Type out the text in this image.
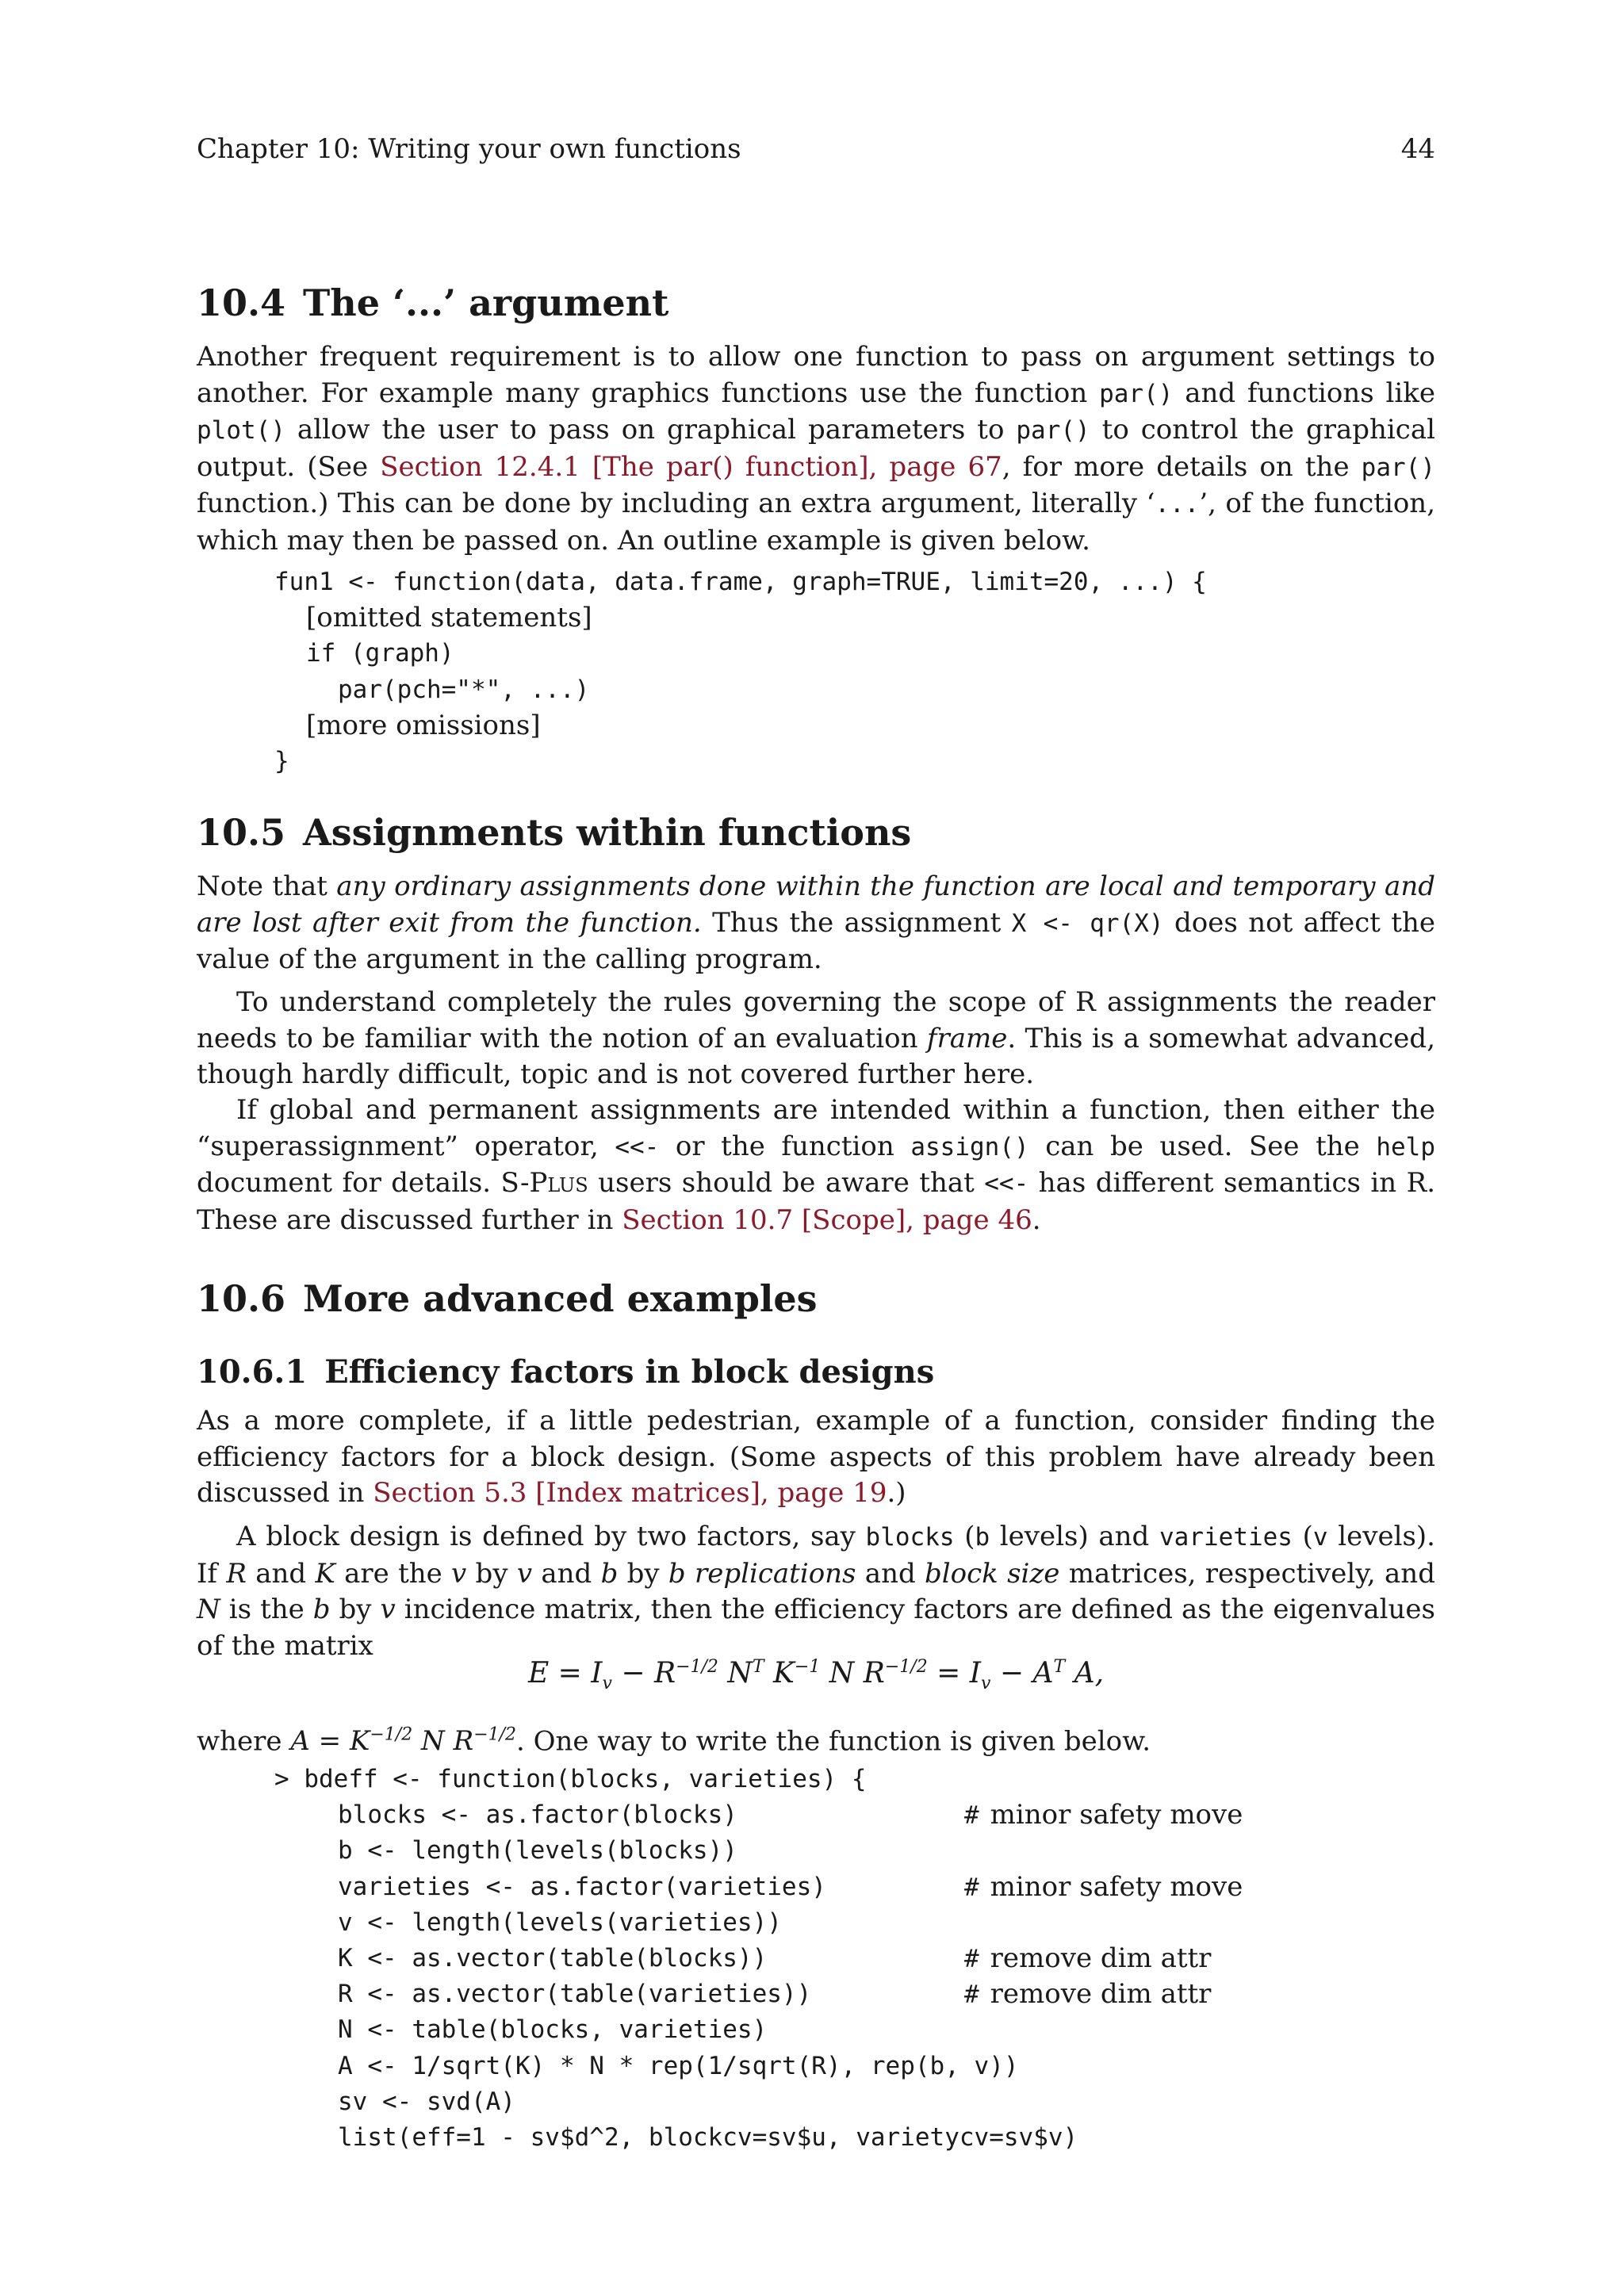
Chapter 10: Writing your own functions	44
10.4 The ‘...’ argument

Another frequent requirement is to allow one function to pass on argument settings to another. For example many graphics functions use the function par() and functions like plot() allow the user to pass on graphical parameters to par() to control the graphical output. (See Section 12.4.1 [The par() function], page 67, for more details on the par() function.) This can be done by including an extra argument, literally ‘...’, of the function, which may then be passed on. An outline example is given below.

fun1 <- function(data, data.frame, graph=TRUE, limit=20, ...) {
[omitted statements]
if (graph)
par(pch="*", ...)
[more omissions]
}
10.5 Assignments within functions

Note that any ordinary assignments done within the function are local and temporary and are lost after exit from the function. Thus the assignment X <- qr(X) does not affect the value of the argument in the calling program.

To understand completely the rules governing the scope of R assignments the reader needs to be familiar with the notion of an evaluation frame. This is a somewhat advanced, though hardly difficult, topic and is not covered further here.

If global and permanent assignments are intended within a function, then either the “superassignment” operator, <<- or the function assign() can be used. See the help document for details. S-Plus users should be aware that <<- has different semantics in R. These are discussed further in Section 10.7 [Scope], page 46.

10.6 More advanced examples
10.6.1 Efficiency factors in block designs

As a more complete, if a little pedestrian, example of a function, consider finding the efficiency factors for a block design. (Some aspects of this problem have already been discussed in Section 5.3 [Index matrices], page 19.)

A block design is defined by two factors, say blocks (b levels) and varieties (v levels). If R and K are the v by v and b by b replications and block size matrices, respectively, and N is the b by v incidence matrix, then the efficiency factors are defined as the eigenvalues of the matrix

$E = I_v - R^{-1/2}$ $N^T$ $K^{-1}$ N $R^{-1/2} = I_v - A^T$ A,

where $A = K^{-1/2}$ N $R^{-1/2}$. One way to write the function is given below.

> bdeff <- function(blocks, varieties) {
blocks <- as.factor(blocks)	# minor safety move
b <- length(levels(blocks))
varieties <- as.factor(varieties)	# minor safety move
v <- length(levels(varieties))
K <- as.vector(table(blocks))	# remove dim attr
R <- as.vector(table(varieties))	# remove dim attr
N <- table(blocks, varieties)
A <- 1/sqrt(K) * N * rep(1/sqrt(R), rep(b, v))
sv <- svd(A)
list(eff=1 - sv$d^2, blockcv=sv$u, varietycv=sv$v)
